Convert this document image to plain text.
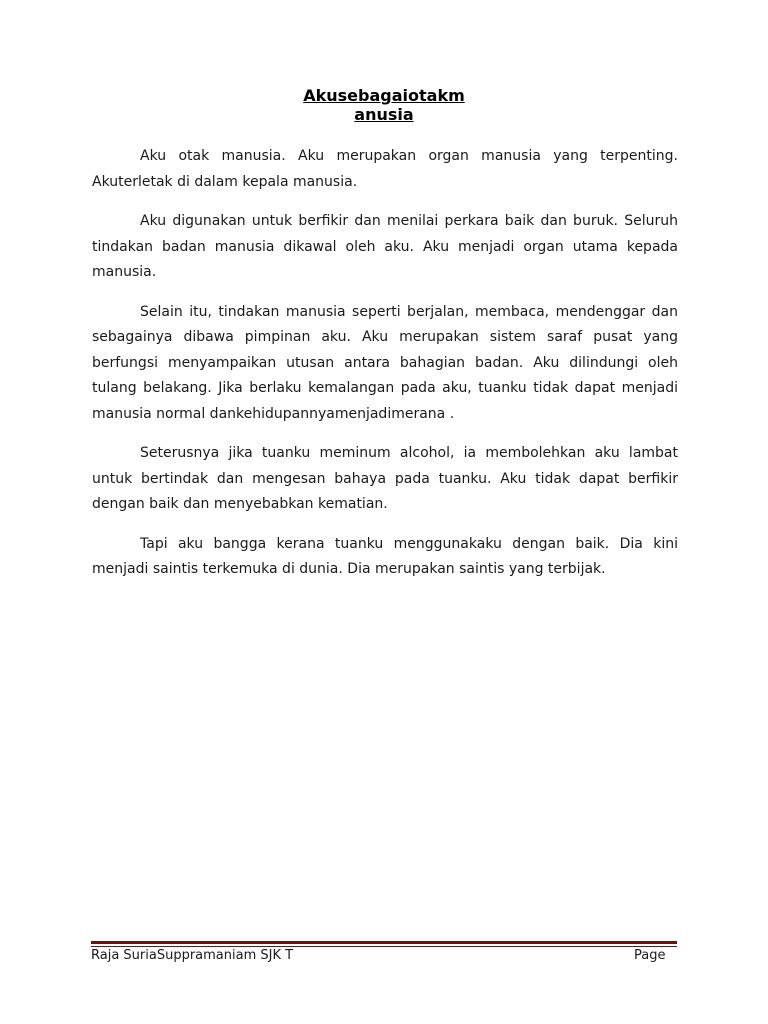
Akusebagaiotakm
anusia

Aku otak manusia. Aku merupakan organ manusia yang terpenting. Akuterletak di dalam kepala manusia.

Aku digunakan untuk berfikir dan menilai perkara baik dan buruk. Seluruh tindakan badan manusia dikawal oleh aku. Aku menjadi organ utama kepada manusia.

Selain itu, tindakan manusia seperti berjalan, membaca, mendenggar dan sebagainya dibawa pimpinan aku. Aku merupakan sistem saraf pusat yang berfungsi menyampaikan utusan antara bahagian badan. Aku dilindungi oleh tulang belakang. Jika berlaku kemalangan pada aku, tuanku tidak dapat menjadi manusia normal dankehidupannyamenjadimerana .

Seterusnya jika tuanku meminum alcohol, ia membolehkan aku lambat untuk bertindak dan mengesan bahaya pada tuanku. Aku tidak dapat berfikir dengan baik dan menyebabkan kematian.

Tapi aku bangga kerana tuanku menggunakaku dengan baik. Dia kini menjadi saintis terkemuka di dunia. Dia merupakan saintis yang terbijak.

Raja SuriaSuppramaniam SJK T	Page
